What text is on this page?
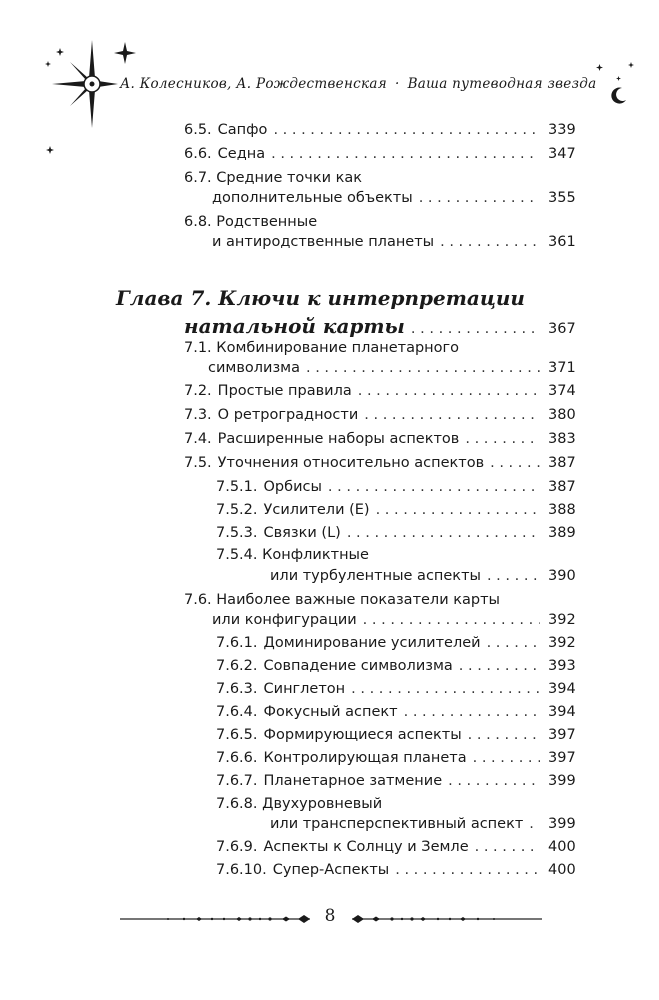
А. Колесников, А. Рождественская · Ваша путеводная звезда
6.5. Сапфо . . .	339
6.6. Седна . . .	347
6.7. Средние точки как
дополнительные объекты . . .	355
6.8. Родственные
и антиродственные планеты . . .	361
Глава 7. Ключи к интерпретации
натальной карты . . .	367
7.1. Комбинирование планетарного
символизма . . .	371
7.2. Простые правила . . .	374
7.3. О ретроградности . . .	380
7.4. Расширенные наборы аспектов . . .	383
7.5. Уточнения относительно аспектов . . .	387
7.5.1. Орбисы . . .	387
7.5.2. Усилители (Е) . . .	388
7.5.3. Связки (L) . . .	389
7.5.4. Конфликтные
или турбулентные аспекты . . .	390
7.6. Наиболее важные показатели карты
или конфигурации . . .	392
7.6.1. Доминирование усилителей . . .	392
7.6.2. Совпадение символизма . . .	393
7.6.3. Синглетон . . .	394
7.6.4. Фокусный аспект . . .	394
7.6.5. Формирующиеся аспекты . . .	397
7.6.6. Контролирующая планета . . .	397
7.6.7. Планетарное затмение . . .	399
7.6.8. Двухуровневый
или трансперспективный аспект . . . 399
7.6.9. Аспекты к Солнцу и Земле . . .	400
7.6.10. Супер-Аспекты . . .	400
8
